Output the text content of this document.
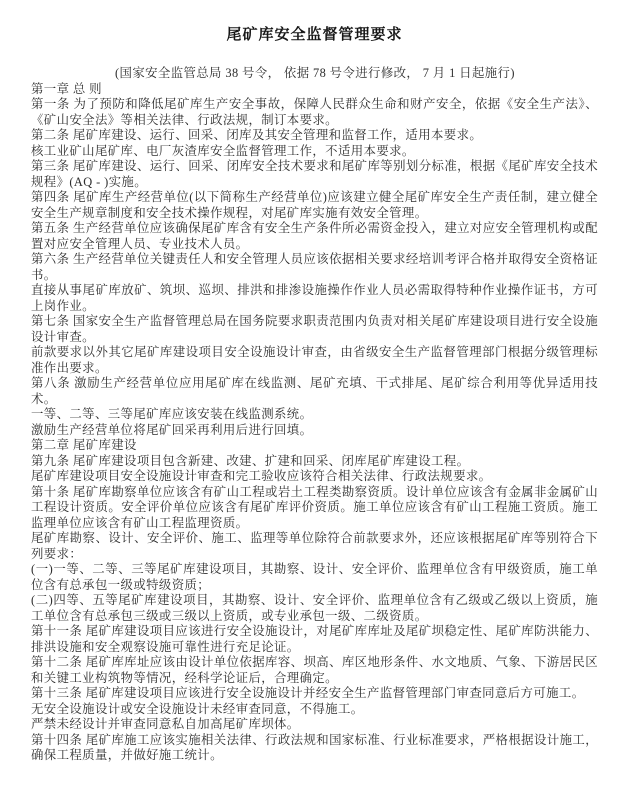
尾矿库安全监督管理要求

(国家安全监管总局 38 号令， 依据 78 号令进行修改， 7 月 1 日起施行)

第一章 总 则

第一条 为了预防和降低尾矿库生产安全事故，保障人民群众生命和财产安全，依据《安全生产法》、《矿山安全法》等相关法律、行政法规，制订本要求。

第二条 尾矿库建设、运行、回采、闭库及其安全管理和监督工作，适用本要求。

核工业矿山尾矿库、电厂灰渣库安全监督管理工作，不适用本要求。

第三条 尾矿库建设、运行、回采、闭库安全技术要求和尾矿库等别划分标准，根据《尾矿库安全技术规程》(AQ - )实施。

第四条 尾矿库生产经营单位(以下简称生产经营单位)应该建立健全尾矿库安全生产责任制，建立健全安全生产规章制度和安全技术操作规程，对尾矿库实施有效安全管理。

第五条 生产经营单位应该确保尾矿库含有安全生产条件所必需资金投入，建立对应安全管理机构或配置对应安全管理人员、专业技术人员。

第六条 生产经营单位关键责任人和安全管理人员应该依据相关要求经培训考评合格并取得安全资格证书。

直接从事尾矿库放矿、筑坝、巡坝、排洪和排渗设施操作作业人员必需取得特种作业操作证书，方可上岗作业。

第七条 国家安全生产监督管理总局在国务院要求职责范围内负责对相关尾矿库建设项目进行安全设施设计审查。

前款要求以外其它尾矿库建设项目安全设施设计审查，由省级安全生产监督管理部门根据分级管理标准作出要求。

第八条 激励生产经营单位应用尾矿库在线监测、尾矿充填、干式排尾、尾矿综合利用等优异适用技术。

一等、二等、三等尾矿库应该安装在线监测系统。

激励生产经营单位将尾矿回采再利用后进行回填。

第二章 尾矿库建设

第九条 尾矿库建设项目包含新建、改建、扩建和回采、闭库尾矿库建设工程。

尾矿库建设项目安全设施设计审查和完工验收应该符合相关法律、行政法规要求。

第十条 尾矿库勘察单位应该含有矿山工程或岩土工程类勘察资质。设计单位应该含有金属非金属矿山工程设计资质。安全评价单位应该含有尾矿库评价资质。施工单位应该含有矿山工程施工资质。施工监理单位应该含有矿山工程监理资质。

尾矿库勘察、设计、安全评价、施工、监理等单位除符合前款要求外，还应该根据尾矿库等别符合下列要求：

(一)一等、二等、三等尾矿库建设项目，其勘察、设计、安全评价、监理单位含有甲级资质，施工单位含有总承包一级或特级资质；

(二)四等、五等尾矿库建设项目，其勘察、设计、安全评价、监理单位含有乙级或乙级以上资质，施工单位含有总承包三级或三级以上资质，或专业承包一级、二级资质。

第十一条 尾矿库建设项目应该进行安全设施设计，对尾矿库库址及尾矿坝稳定性、尾矿库防洪能力、排洪设施和安全观察设施可靠性进行充足论证。

第十二条 尾矿库库址应该由设计单位依据库容、坝高、库区地形条件、水文地质、气象、下游居民区和关键工业构筑物等情况，经科学论证后，合理确定。

第十三条 尾矿库建设项目应该进行安全设施设计并经安全生产监督管理部门审查同意后方可施工。

无安全设施设计或安全设施设计未经审查同意，不得施工。

严禁未经设计并审查同意私自加高尾矿库坝体。

第十四条 尾矿库施工应该实施相关法律、行政法规和国家标准、行业标准要求，严格根据设计施工，确保工程质量，并做好施工统计。
